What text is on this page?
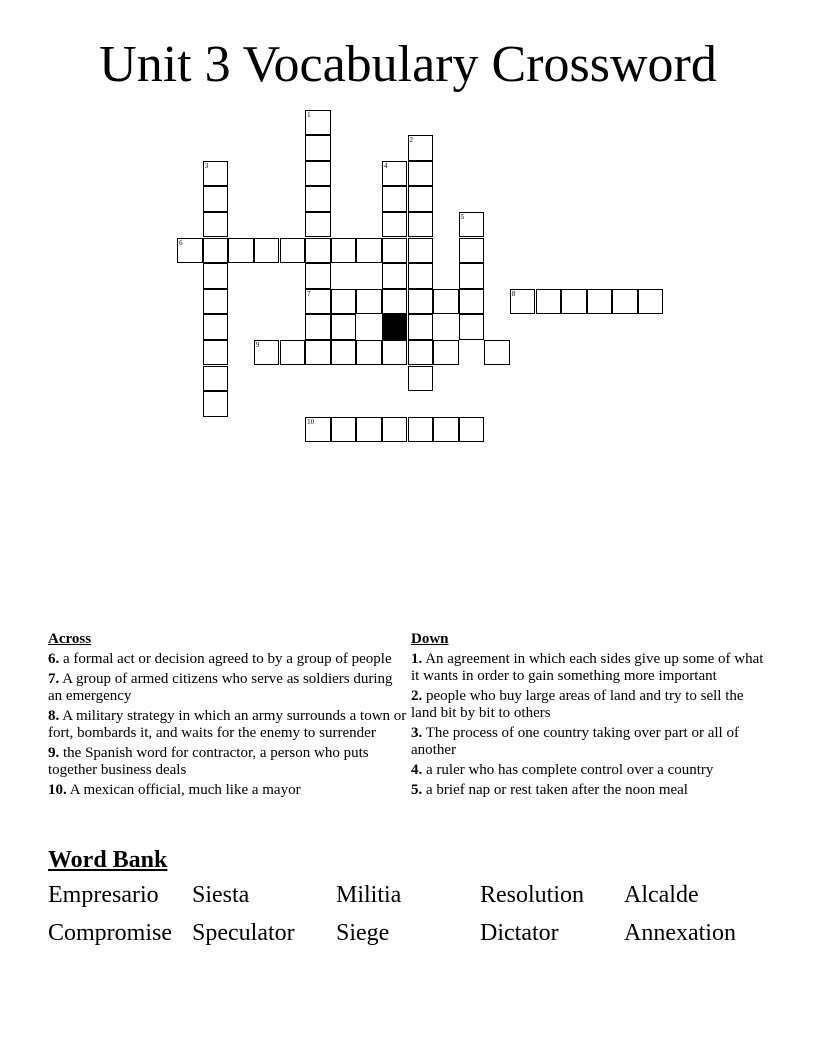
Unit 3 Vocabulary Crossword
1
2
3	4
5
6
7	8
9
10
Across
6. a formal act or decision agreed to by a group of people
7. A group of armed citizens who serve as soldiers during an emergency
8. A military strategy in which an army surrounds a town or fort, bombards it, and waits for the enemy to surrender
9. the Spanish word for contractor, a person who puts together business deals
10. A mexican official, much like a mayor
Down
1. An agreement in which each sides give up some of what it wants in order to gain something more important
2. people who buy large areas of land and try to sell the land bit by bit to others
3. The process of one country taking over part or all of another
4. a ruler who has complete control over a country
5. a brief nap or rest taken after the noon meal
Word Bank
Empresario	Siesta	Militia	Resolution	Alcalde
Compromise Speculator	Siege	Dictator	Annexation
